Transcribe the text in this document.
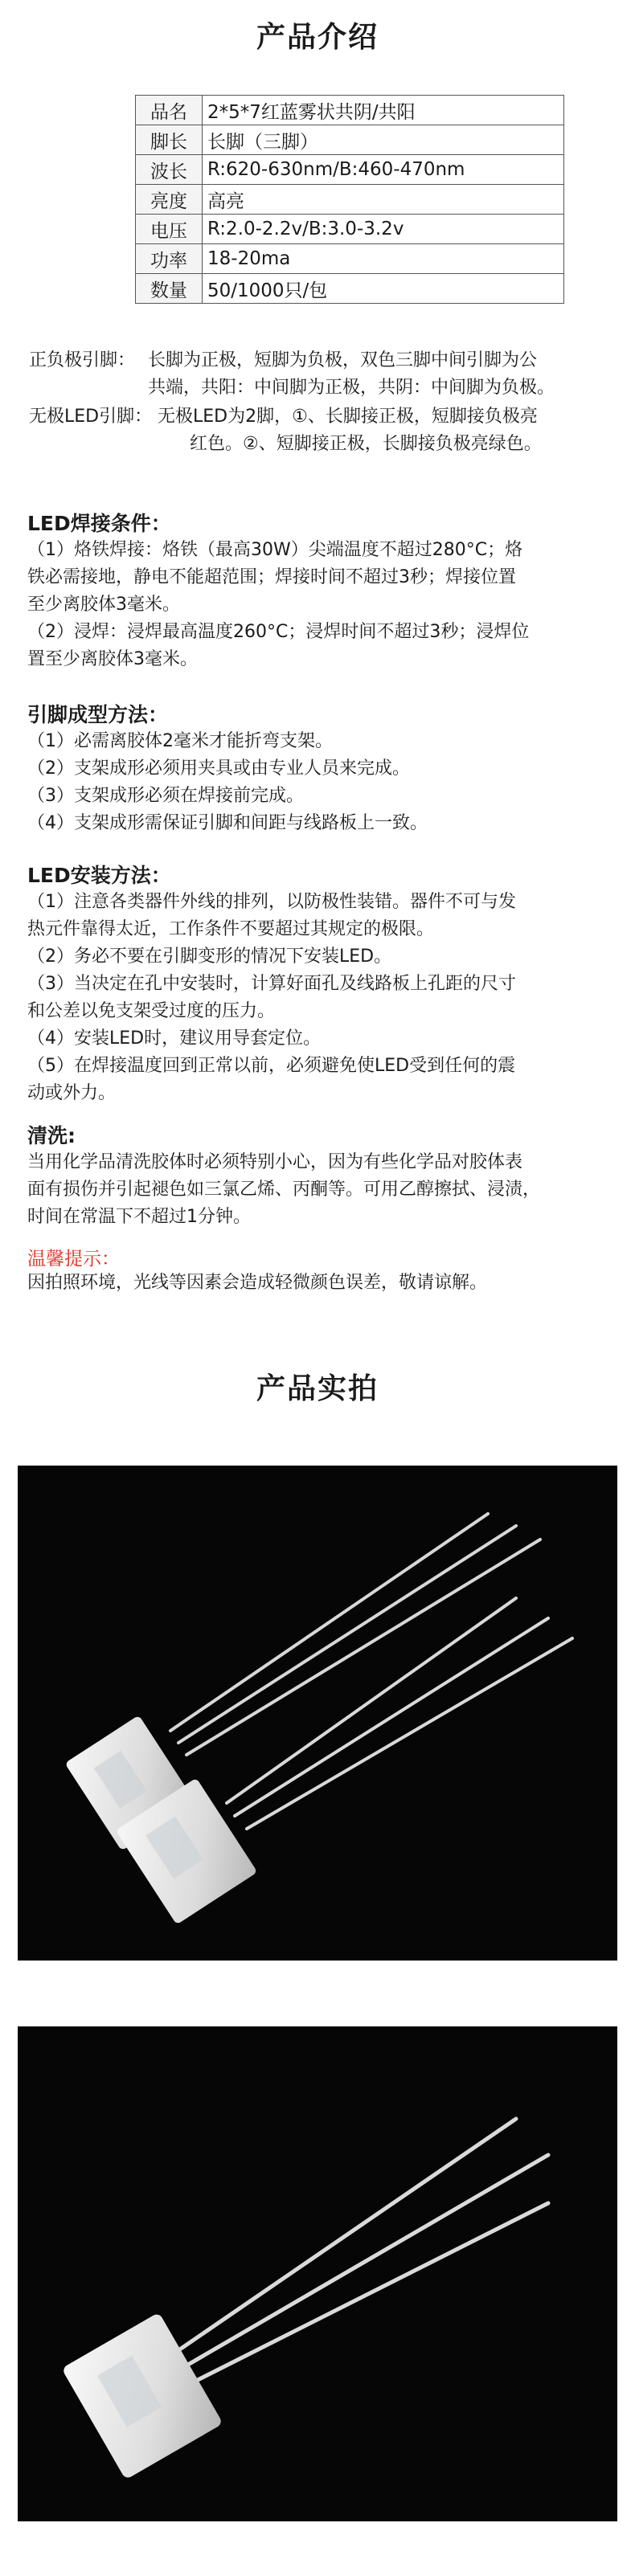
产品介绍
品名	2*5*7红蓝雾状共阴/共阳
脚长	长脚（三脚）
波长	R:620-630nm/B:460-470nm
亮度	高亮
电压	R:2.0-2.2v/B:3.0-3.2v
功率	18-20ma
数量	50/1000只/包
正负极引脚： 长脚为正极，短脚为负极，双色三脚中间引脚为公
共端，共阳：中间脚为正极，共阴：中间脚为负极。
无极LED引脚： 无极LED为2脚，①、长脚接正极，短脚接负极亮
红色。②、短脚接正极，长脚接负极亮绿色。
LED焊接条件：
（1）烙铁焊接：烙铁（最高30W）尖端温度不超过280°C；烙
铁必需接地，静电不能超范围；焊接时间不超过3秒；焊接位置
至少离胶体3毫米。
（2）浸焊：浸焊最高温度260°C；浸焊时间不超过3秒；浸焊位
置至少离胶体3毫米。
引脚成型方法：
（1）必需离胶体2毫米才能折弯支架。
（2）支架成形必须用夹具或由专业人员来完成。
（3）支架成形必须在焊接前完成。
（4）支架成形需保证引脚和间距与线路板上一致。
LED安装方法：
（1）注意各类器件外线的排列，以防极性装错。器件不可与发
热元件靠得太近，工作条件不要超过其规定的极限。
（2）务必不要在引脚变形的情况下安装LED。
（3）当决定在孔中安装时，计算好面孔及线路板上孔距的尺寸
和公差以免支架受过度的压力。
（4）安装LED时，建议用导套定位。
（5）在焊接温度回到正常以前，必须避免使LED受到任何的震
动或外力。
清洗:
当用化学品清洗胶体时必须特别小心，因为有些化学品对胶体表
面有损伤并引起褪色如三氯乙烯、丙酮等。可用乙醇擦拭、浸渍，
时间在常温下不超过1分钟。
温馨提示：
因拍照环境，光线等因素会造成轻微颜色误差，敬请谅解。
产品实拍
